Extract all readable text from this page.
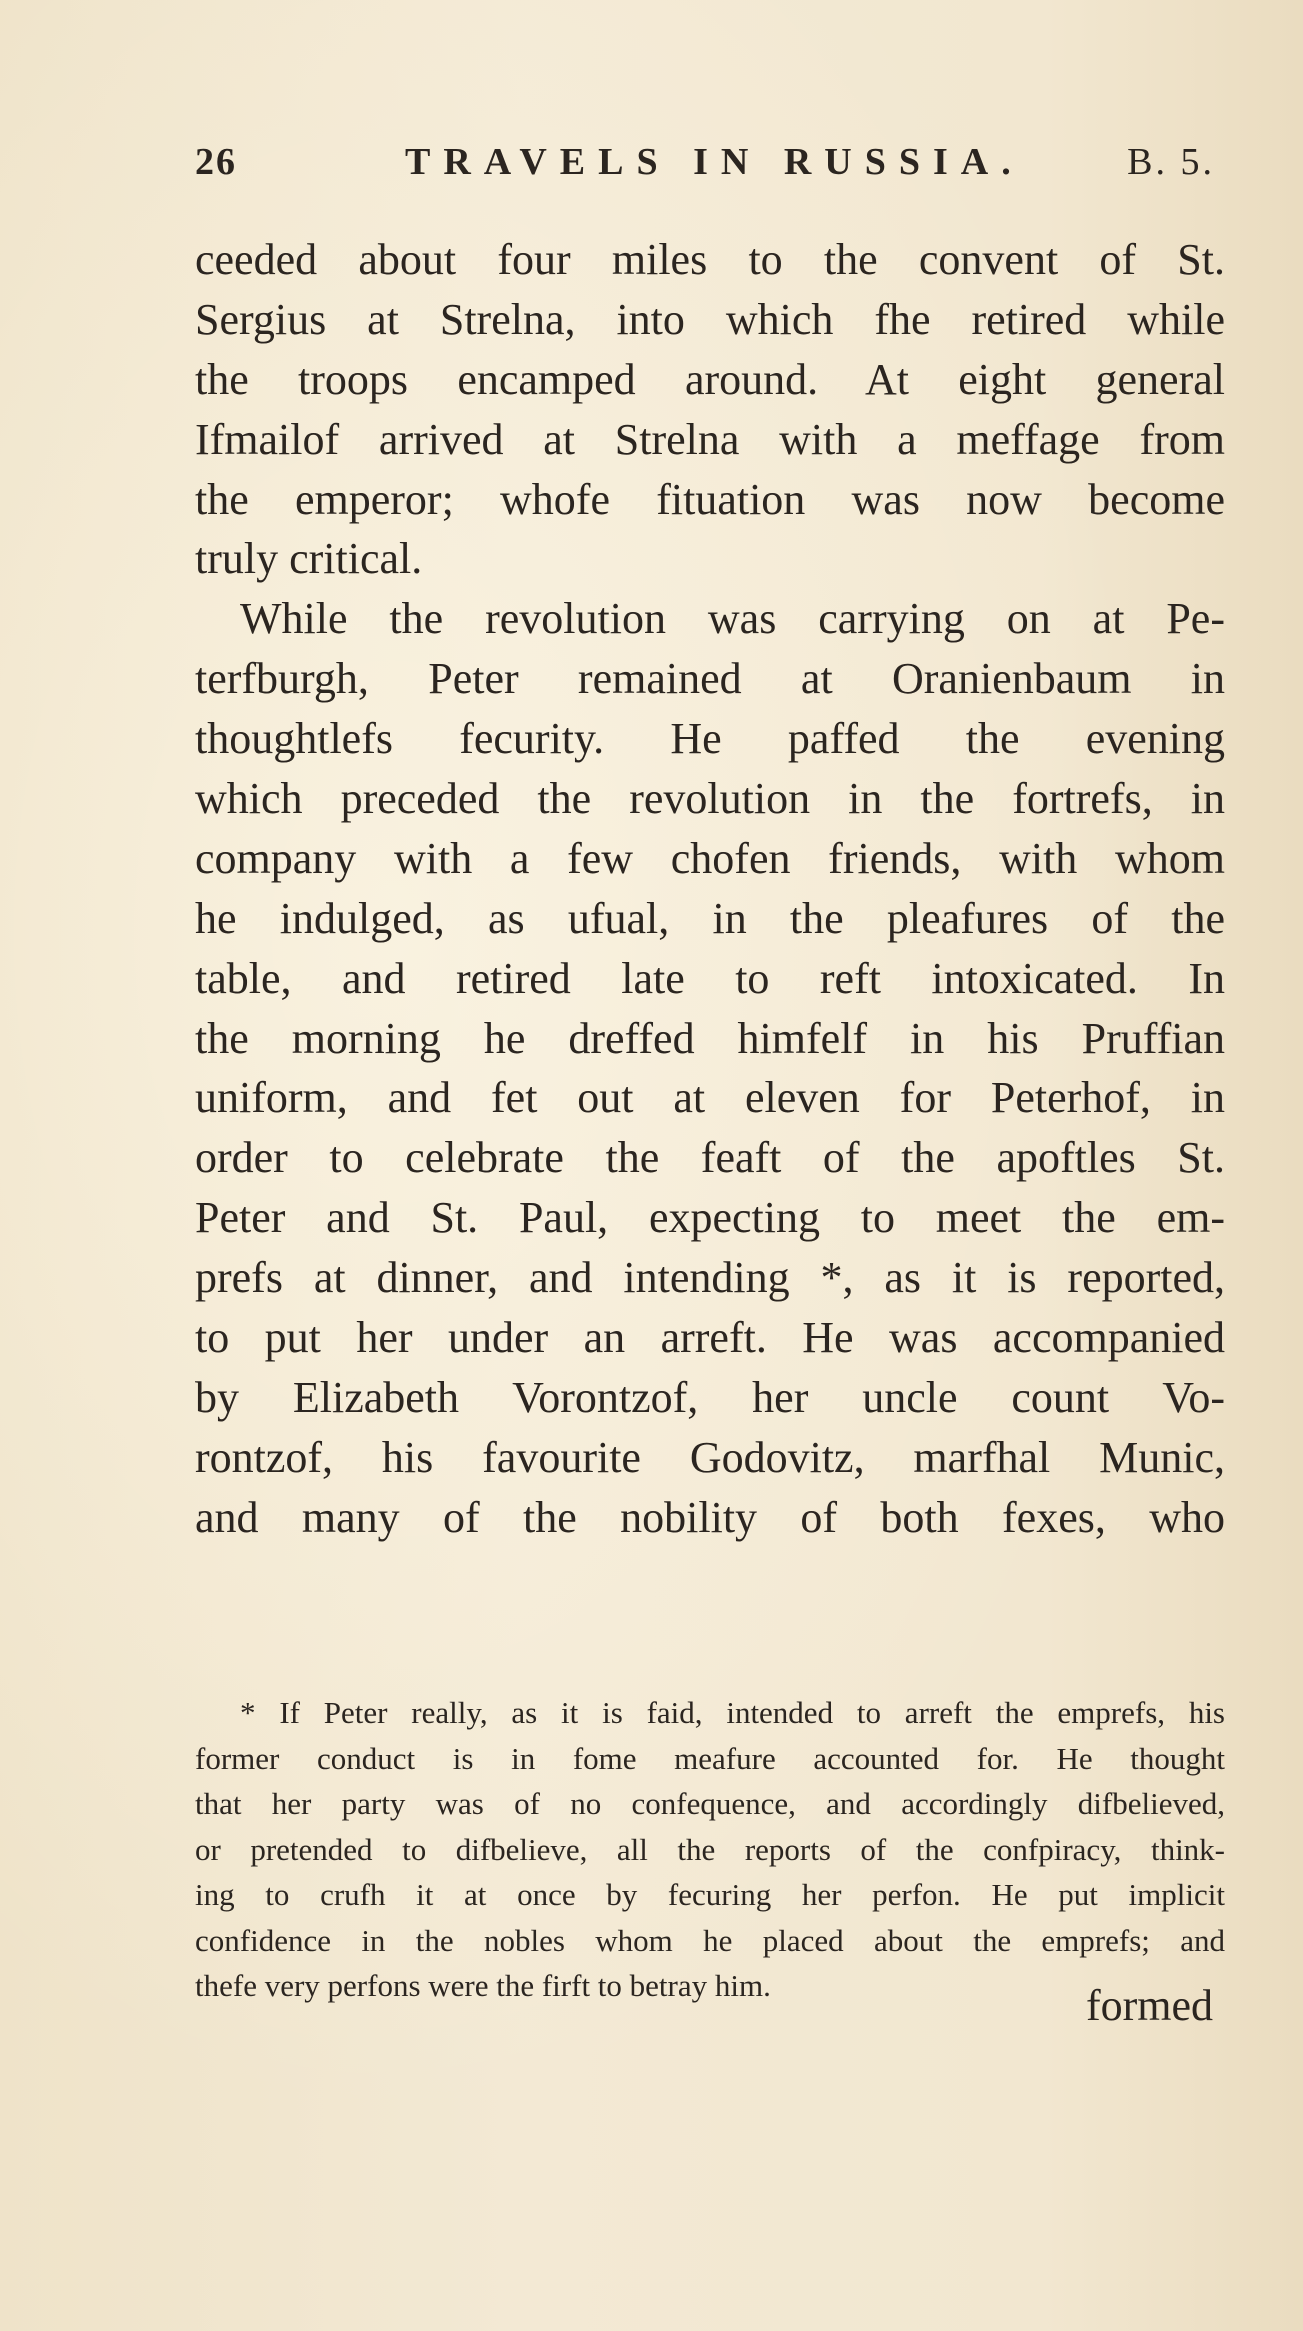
26	TRAVELS IN RUSSIA.	B. 5.
ceeded about four miles to the convent of St.
Sergius at Strelna, into which fhe retired while
the troops encamped around. At eight general
Ifmailof arrived at Strelna with a meffage from
the emperor; whofe fituation was now become
truly critical.
While the revolution was carrying on at Pe-
terfburgh, Peter remained at Oranienbaum in
thoughtlefs fecurity. He paffed the evening
which preceded the revolution in the fortrefs, in
company with a few chofen friends, with whom
he indulged, as ufual, in the pleafures of the
table, and retired late to reft intoxicated. In
the morning he dreffed himfelf in his Pruffian
uniform, and fet out at eleven for Peterhof, in
order to celebrate the feaft of the apoftles St.
Peter and St. Paul, expecting to meet the em-
prefs at dinner, and intending *, as it is reported,
to put her under an arreft. He was accompanied
by Elizabeth Vorontzof, her uncle count Vo-
rontzof, his favourite Godovitz, marfhal Munic,
and many of the nobility of both fexes, who
* If Peter really, as it is faid, intended to arreft the emprefs, his
former conduct is in fome meafure accounted for. He thought
that her party was of no confequence, and accordingly difbelieved,
or pretended to difbelieve, all the reports of the confpiracy, think-
ing to crufh it at once by fecuring her perfon. He put implicit
confidence in the nobles whom he placed about the emprefs; and
thefe very perfons were the firft to betray him.	formed
